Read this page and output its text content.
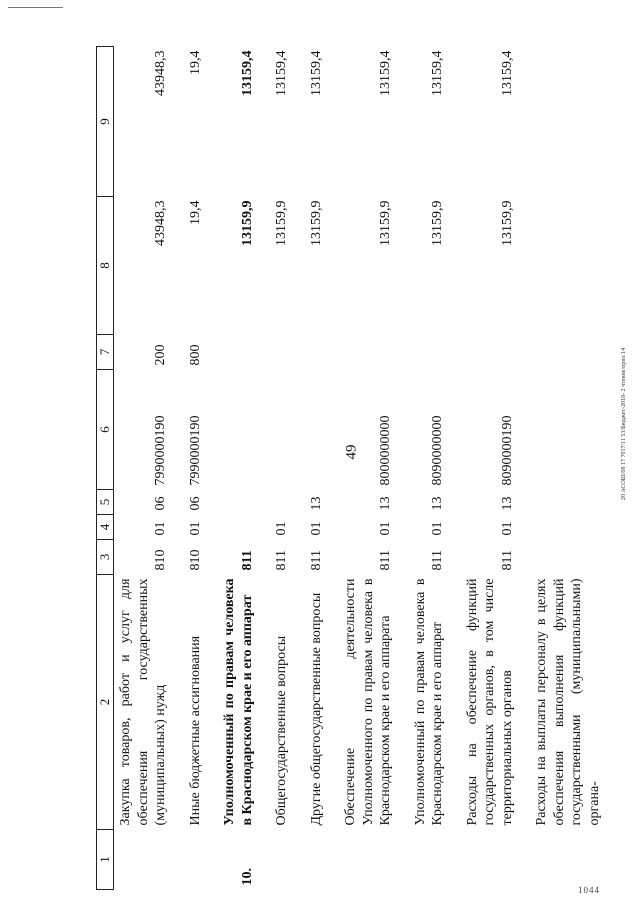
49	20 АСОШ/08 17 7017/11 53/Бюджет-2018- 2 чтение/прил 14
1044
1	2	3	4	5	6	7	8	9
	Закупка товаров, работ и услуг для обеспечения государственных (муниципальных) нужд	810	01	06	7990000190	200	43948,3	43948,3
	Иные бюджетные ассигнования	810	01	06	7990000190	800	19,4	19,4
10.	Уполномоченный по правам человека в Краснодарском крае и его аппарат	811					13159,9	13159,4
	Общегосударственные вопросы	811	01				13159,9	13159,4
	Другие общегосударственные вопросы	811	01	13			13159,9	13159,4
	Обеспечение деятельности Уполномоченного по правам человека в Краснодарском крае и его аппарата	811	01	13	8000000000		13159,9	13159,4
	Уполномоченный по правам человека в Краснодарском крае и его аппарат	811	01	13	8090000000		13159,9	13159,4
	Расходы на обеспечение функций государственных органов, в том числе территориальных органов	811	01	13	8090000190		13159,9	13159,4
	Расходы на выплаты персоналу в целях обеспечения выполнения функций государственными (муниципальными) органа-							
